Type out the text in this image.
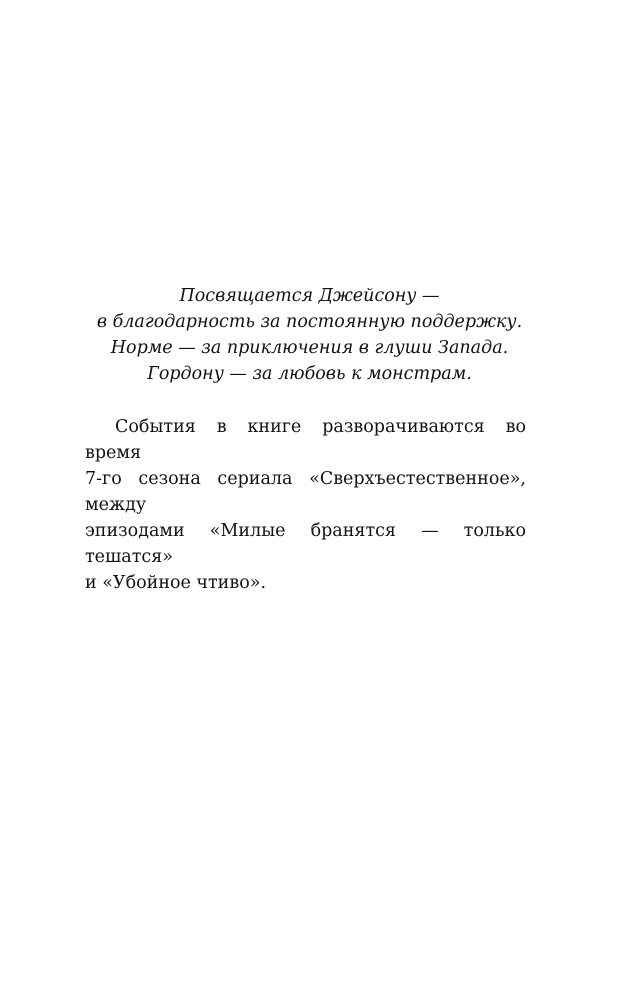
Посвящается Джейсону —
в благодарность за постоянную поддержку.
Норме — за приключения в глуши Запада.
Гордону — за любовь к монстрам.
События в книге разворачиваются во время
7-го сезона сериала «Сверхъестественное», между
эпизодами «Милые бранятся — только тешатся»
и «Убойное чтиво».
